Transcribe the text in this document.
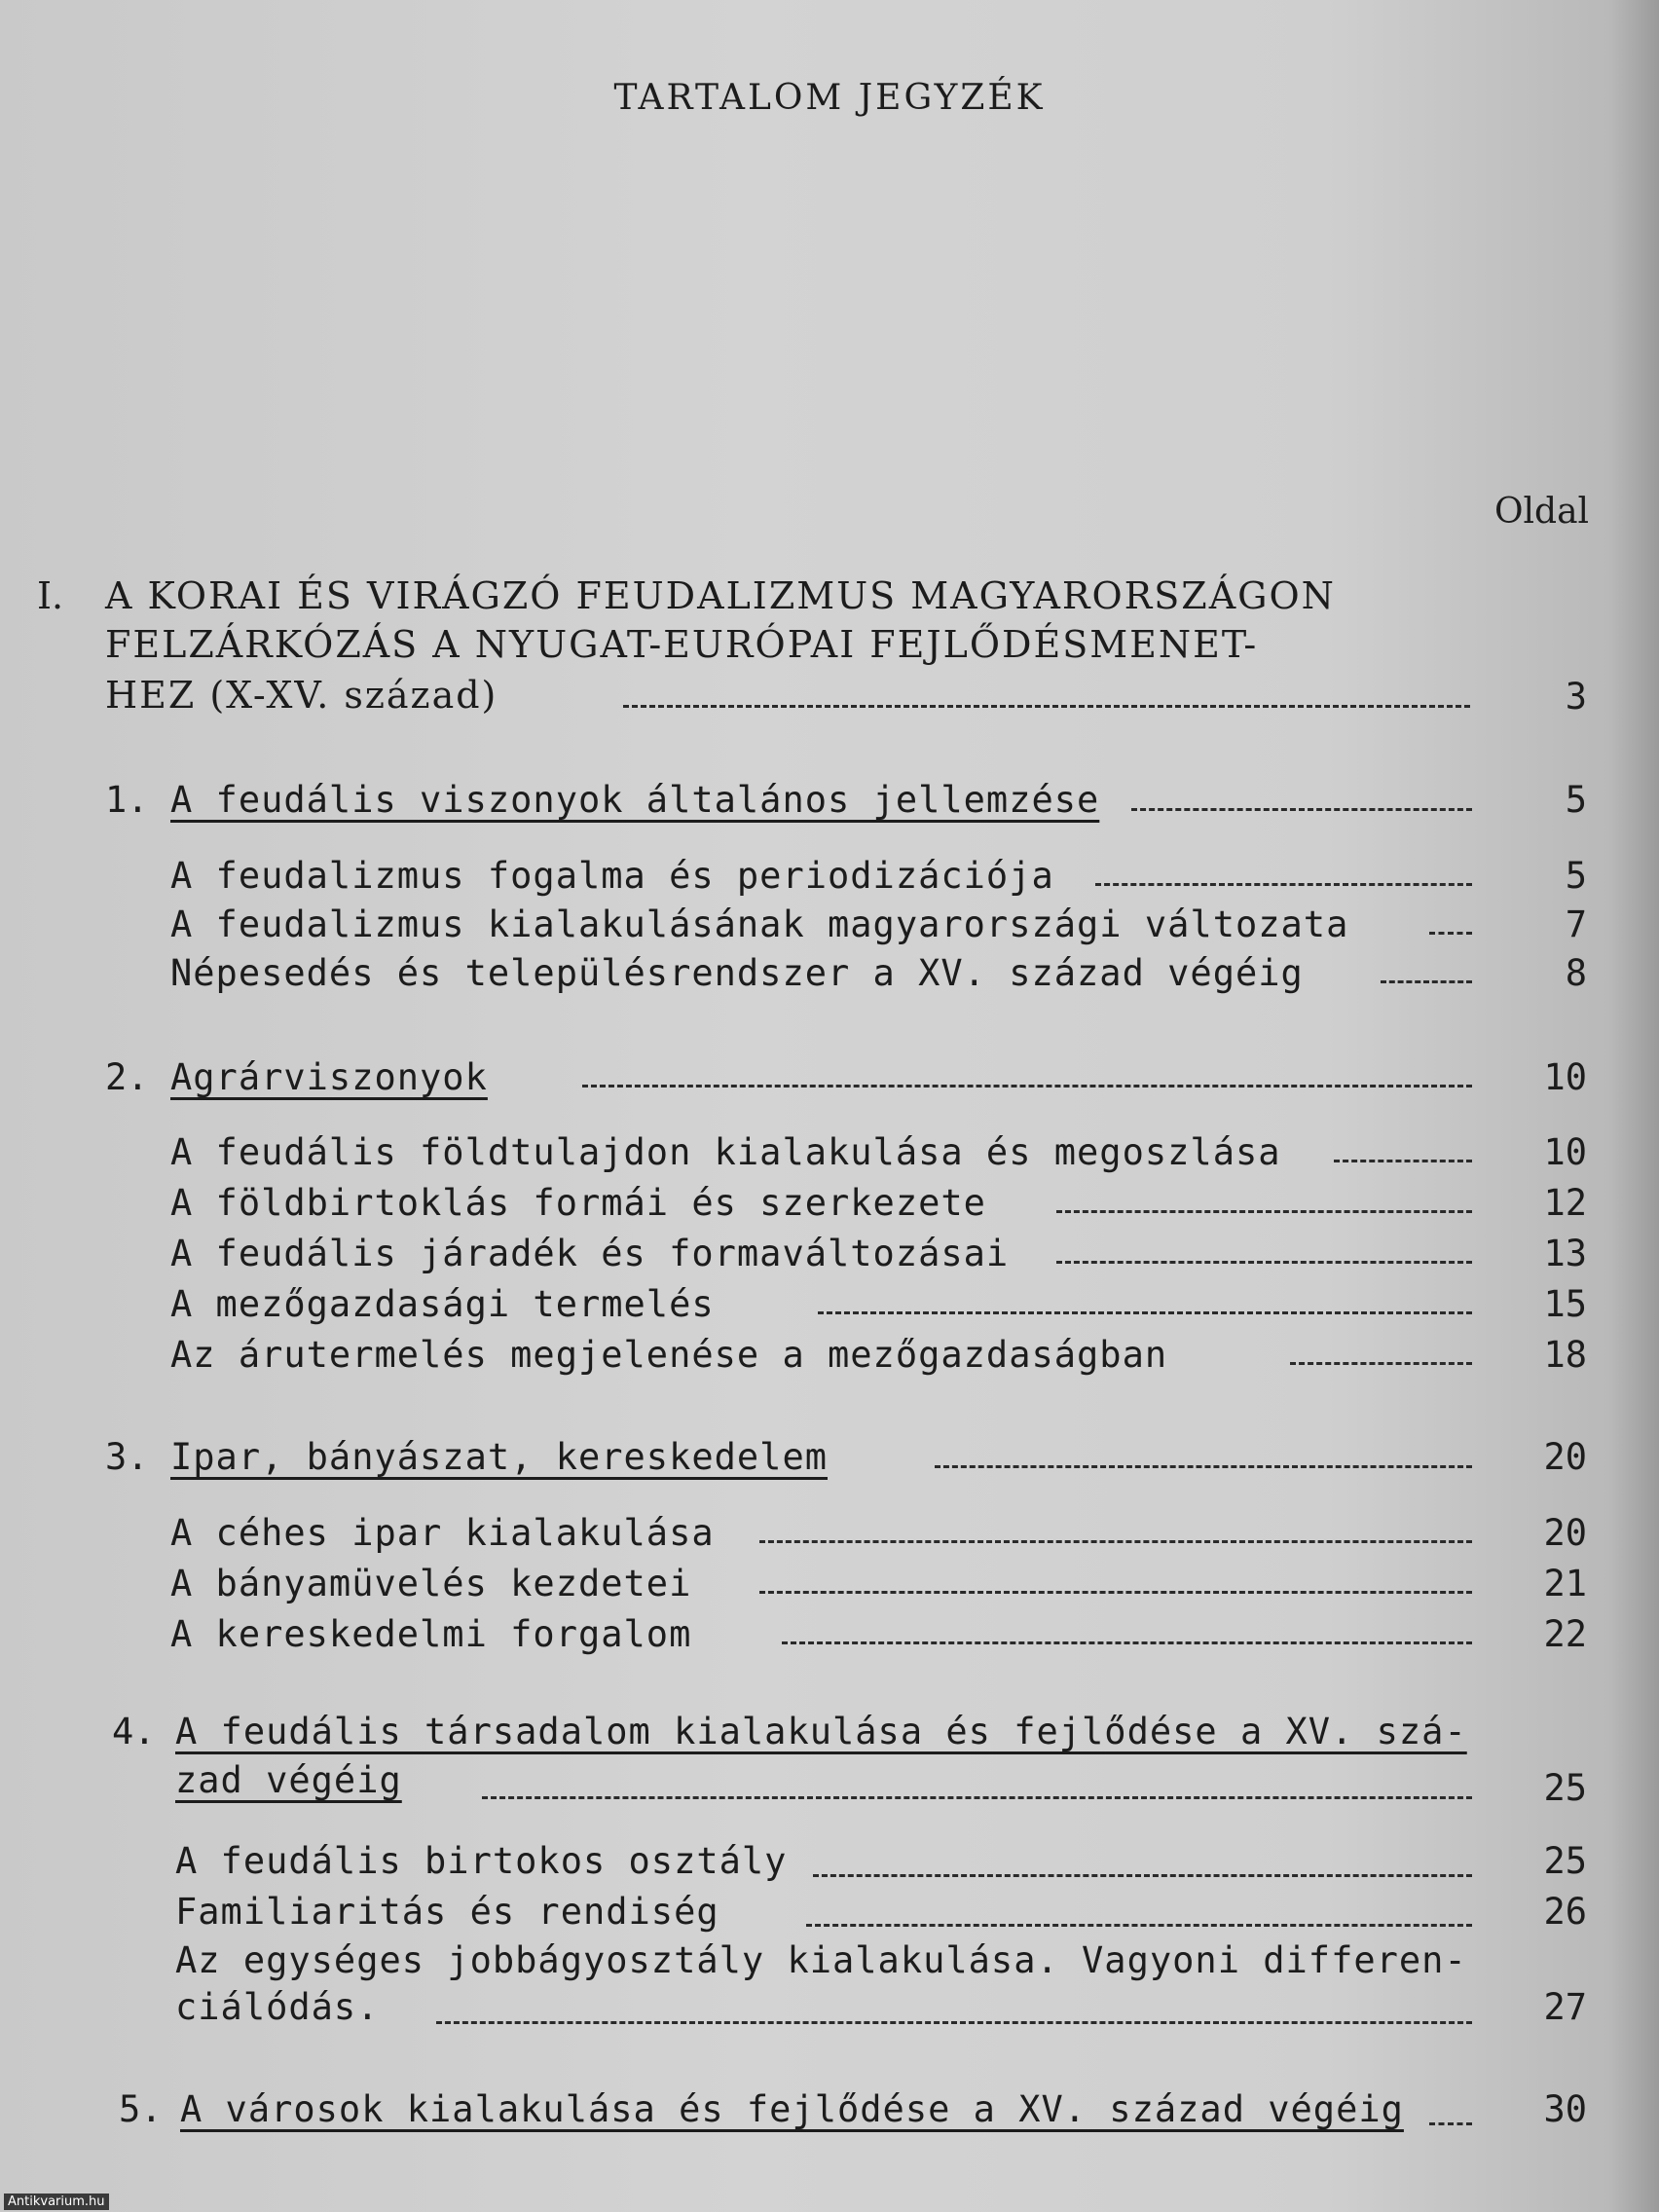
TARTALOM JEGYZÉK
Oldal
I. A KORAI ÉS VIRÁGZÓ FEUDALIZMUS MAGYARORSZÁGON
FELZÁRKÓZÁS A NYUGAT-EURÓPAI FEJLŐDÉSMENET-
HEZ (X-XV. század)	3
1. A feudális viszonyok általános jellemzése	5
A feudalizmus fogalma és periodizációja	5
A feudalizmus kialakulásának magyarországi változata	7
Népesedés és településrendszer a XV. század végéig	8
2. Agrárviszonyok	10
A feudális földtulajdon kialakulása és megoszlása	10
A földbirtoklás formái és szerkezete	12
A feudális járadék és formaváltozásai	13
A mezőgazdasági termelés	15
Az árutermelés megjelenése a mezőgazdaságban	18
3. Ipar, bányászat, kereskedelem	20
A céhes ipar kialakulása	20
A bányamüvelés kezdetei	21
A kereskedelmi forgalom	22
4. A feudális társadalom kialakulása és fejlődése a XV. szá-
zad végéig	25
A feudális birtokos osztály	25
Familiaritás és rendiség	26
Az egységes jobbágyosztály kialakulása. Vagyoni differen-
ciálódás.	27
5. A városok kialakulása és fejlődése a XV. század végéig	30
Antikvarium.hu
